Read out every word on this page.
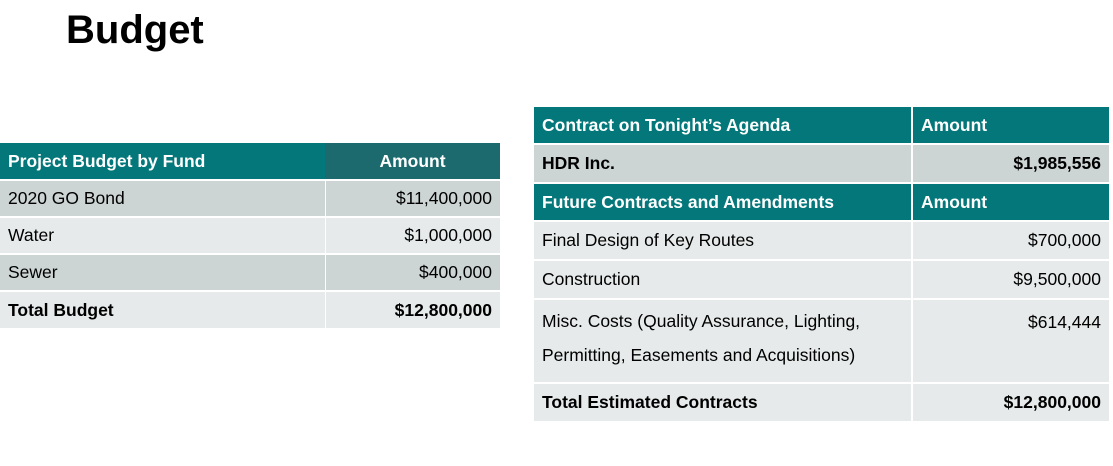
Budget
Project Budget by Fund	Amount
2020 GO Bond	$11,400,000
Water	$1,000,000
Sewer	$400,000
Total Budget	$12,800,000
Contract on Tonight’s Agenda	Amount
HDR Inc.	$1,985,556
Future Contracts and Amendments	Amount
Final Design of Key Routes	$700,000
Construction	$9,500,000
Misc. Costs (Quality Assurance, Lighting,
Permitting, Easements and Acquisitions)	$614,444
Total Estimated Contracts	$12,800,000
